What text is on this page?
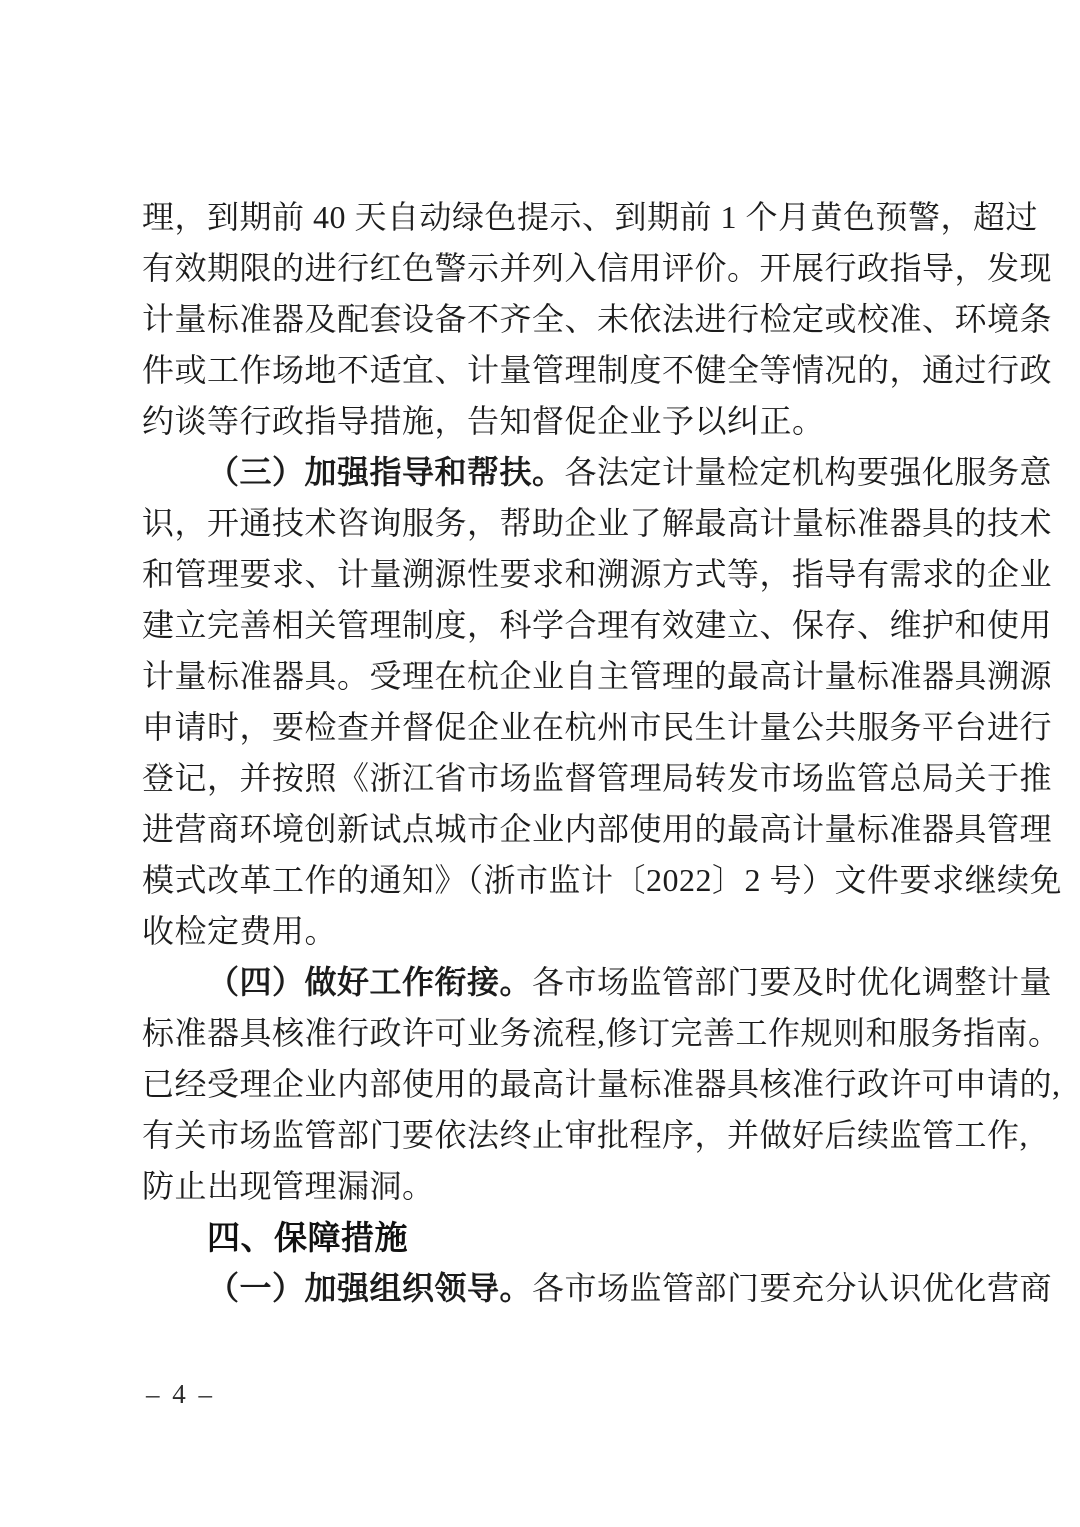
理，到期前 40 天自动绿色提示、到期前 1 个月黄色预警，超过
有效期限的进行红色警示并列入信用评价。开展行政指导，发现
计量标准器及配套设备不齐全、未依法进行检定或校准、环境条
件或工作场地不适宜、计量管理制度不健全等情况的，通过行政
约谈等行政指导措施，告知督促企业予以纠正。
（三）加强指导和帮扶。各法定计量检定机构要强化服务意
识，开通技术咨询服务，帮助企业了解最高计量标准器具的技术
和管理要求、计量溯源性要求和溯源方式等，指导有需求的企业
建立完善相关管理制度，科学合理有效建立、保存、维护和使用
计量标准器具。受理在杭企业自主管理的最高计量标准器具溯源
申请时，要检查并督促企业在杭州市民生计量公共服务平台进行
登记，并按照《浙江省市场监督管理局转发市场监管总局关于推
进营商环境创新试点城市企业内部使用的最高计量标准器具管理
模式改革工作的通知》（浙市监计〔2022〕2 号）文件要求继续免
收检定费用。
（四）做好工作衔接。各市场监管部门要及时优化调整计量
标准器具核准行政许可业务流程,修订完善工作规则和服务指南。
已经受理企业内部使用的最高计量标准器具核准行政许可申请的,
有关市场监管部门要依法终止审批程序，并做好后续监管工作,
防止出现管理漏洞。
四、保障措施
（一）加强组织领导。各市场监管部门要充分认识优化营商
– 4 –
